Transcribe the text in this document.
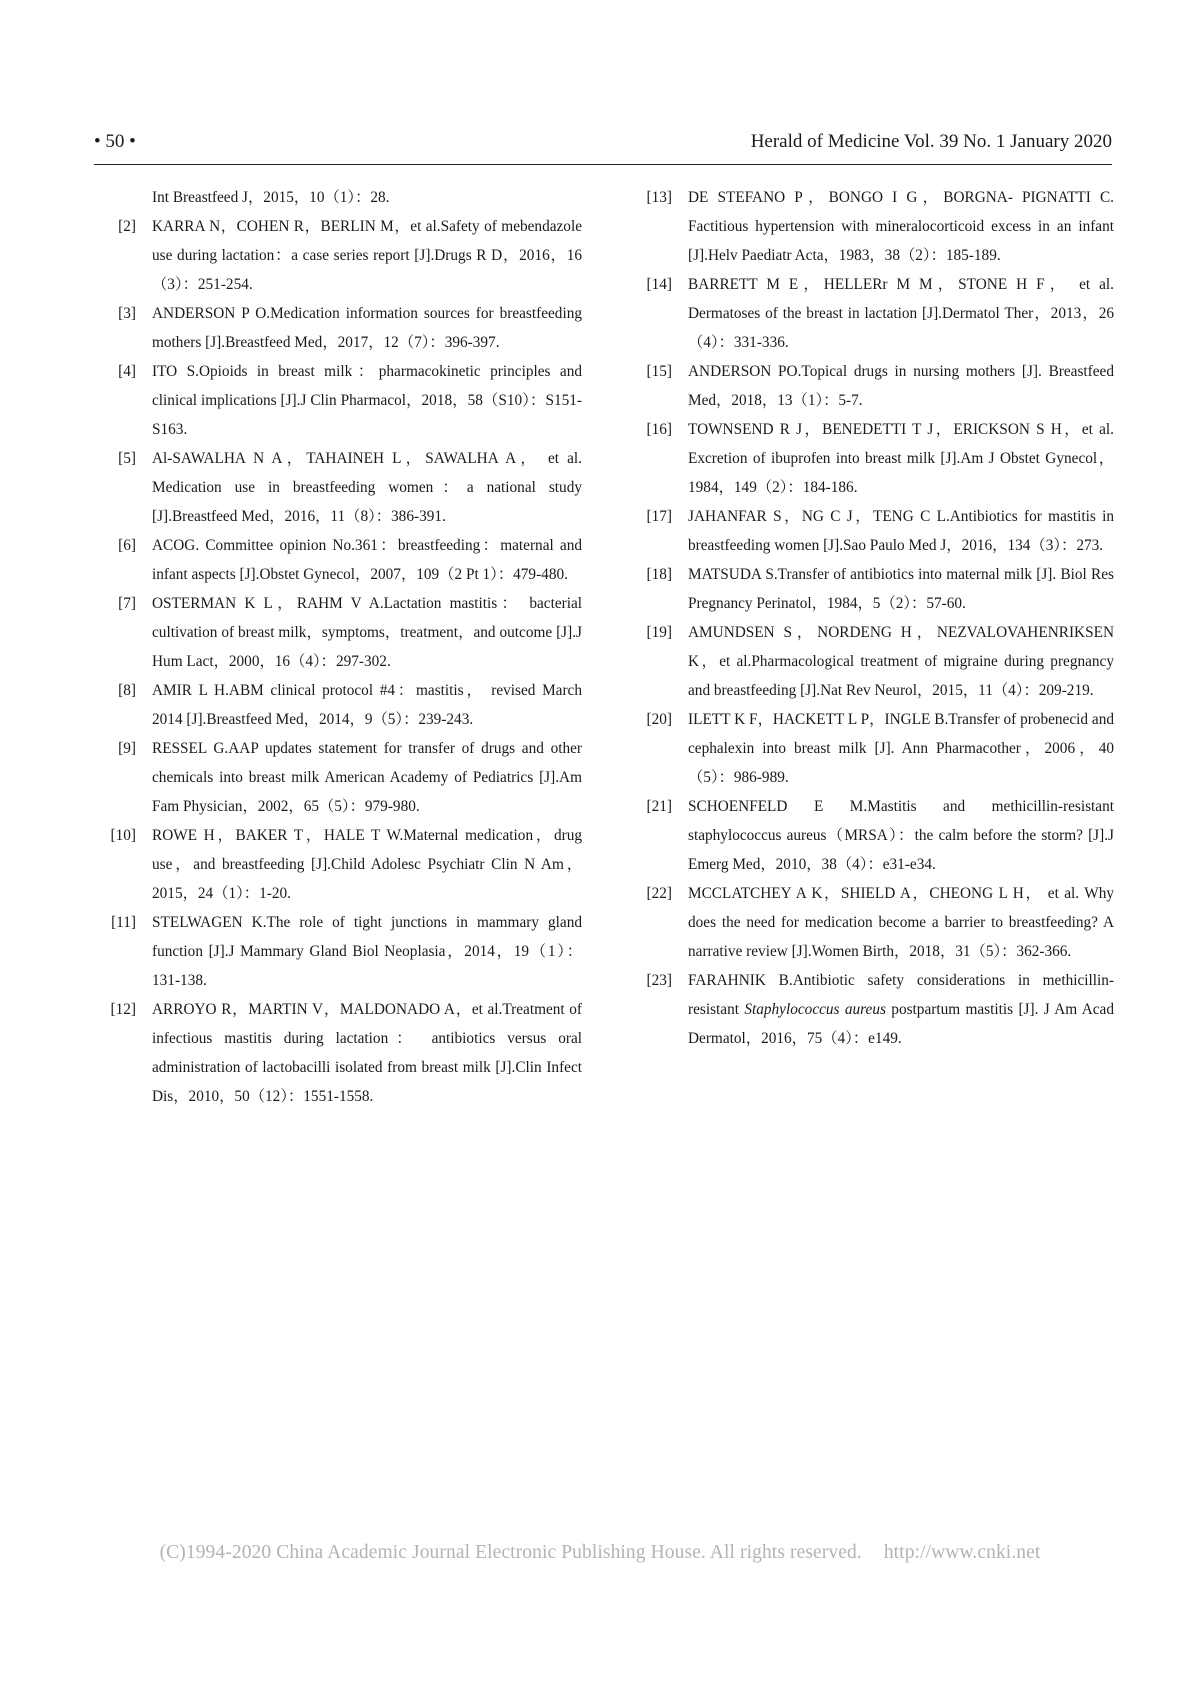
• 50 •	Herald of Medicine Vol. 39 No. 1 January 2020

Int Breastfeed J，2015，10（1）：28.

[2] KARRA N，COHEN R，BERLIN M，et al.Safety of mebendazole use during lactation：a case series report [J].Drugs R D，2016，16（3）：251-254.

[3] ANDERSON P O.Medication information sources for breastfeeding mothers [J].Breastfeed Med，2017，12（7）：396-397.

[4] ITO S.Opioids in breast milk：pharmacokinetic principles and clinical implications [J].J Clin Pharmacol，2018，58（S10）：S151-S163.

[5] Al-SAWALHA N A，TAHAINEH L，SAWALHA A， et al. Medication use in breastfeeding women：a national study [J].Breastfeed Med，2016，11（8）：386-391.

[6] ACOG. Committee opinion No.361：breastfeeding：maternal and infant aspects [J].Obstet Gynecol，2007，109（2 Pt 1）：479-480.

[7] OSTERMAN K L，RAHM V A.Lactation mastitis： bacterial cultivation of breast milk，symptoms，treatment，and outcome [J].J Hum Lact，2000，16（4）：297-302.

[8] AMIR L H.ABM clinical protocol #4：mastitis， revised March 2014 [J].Breastfeed Med，2014，9（5）：239-243.

[9] RESSEL G.AAP updates statement for transfer of drugs and other chemicals into breast milk American Academy of Pediatrics [J].Am Fam Physician，2002，65（5）：979-980.

[10] ROWE H，BAKER T，HALE T W.Maternal medication，drug use，and breastfeeding [J].Child Adolesc Psychiatr Clin N Am，2015，24（1）：1-20.

[11] STELWAGEN K.The role of tight junctions in mammary gland function [J].J Mammary Gland Biol Neoplasia，2014，19（1）：131-138.

[12] ARROYO R，MARTIN V，MALDONADO A，et al.Treatment of infectious mastitis during lactation： antibiotics versus oral administration of lactobacilli isolated from breast milk [J].Clin Infect Dis，2010，50（12）：1551-1558.

[13] DE STEFANO P，BONGO I G，BORGNA- PIGNATTI C. Factitious hypertension with mineralocorticoid excess in an infant [J].Helv Paediatr Acta，1983，38（2）：185-189.

[14] BARRETT M E，HELLERr M M，STONE H F， et al. Dermatoses of the breast in lactation [J].Dermatol Ther，2013，26（4）：331-336.

[15] ANDERSON PO.Topical drugs in nursing mothers [J]. Breastfeed Med，2018，13（1）：5-7.

[16] TOWNSEND R J，BENEDETTI T J，ERICKSON S H，et al. Excretion of ibuprofen into breast milk [J].Am J Obstet Gynecol，1984，149（2）：184-186.

[17] JAHANFAR S，NG C J，TENG C L.Antibiotics for mastitis in breastfeeding women [J].Sao Paulo Med J，2016，134（3）：273.

[18] MATSUDA S.Transfer of antibiotics into maternal milk [J]. Biol Res Pregnancy Perinatol，1984，5（2）：57-60.

[19] AMUNDSEN S，NORDENG H，NEZVALOVAHENRIKSEN K，et al.Pharmacological treatment of migraine during pregnancy and breastfeeding [J].Nat Rev Neurol，2015，11（4）：209-219.

[20] ILETT K F，HACKETT L P，INGLE B.Transfer of probenecid and cephalexin into breast milk [J]. Ann Pharmacother，2006，40（5）：986-989.

[21] SCHOENFELD E M.Mastitis and methicillin-resistant staphylococcus aureus（MRSA）：the calm before the storm? [J].J Emerg Med，2010，38（4）：e31-e34.

[22] MCCLATCHEY A K，SHIELD A，CHEONG L H， et al. Why does the need for medication become a barrier to breastfeeding? A narrative review [J].Women Birth，2018，31（5）：362-366.

[23] FARAHNIK B.Antibiotic safety considerations in methicillin-resistant Staphylococcus aureus postpartum mastitis [J]. J Am Acad Dermatol，2016，75（4）：e149.

(C)1994-2020 China Academic Journal Electronic Publishing House. All rights reserved. http://www.cnki.net
